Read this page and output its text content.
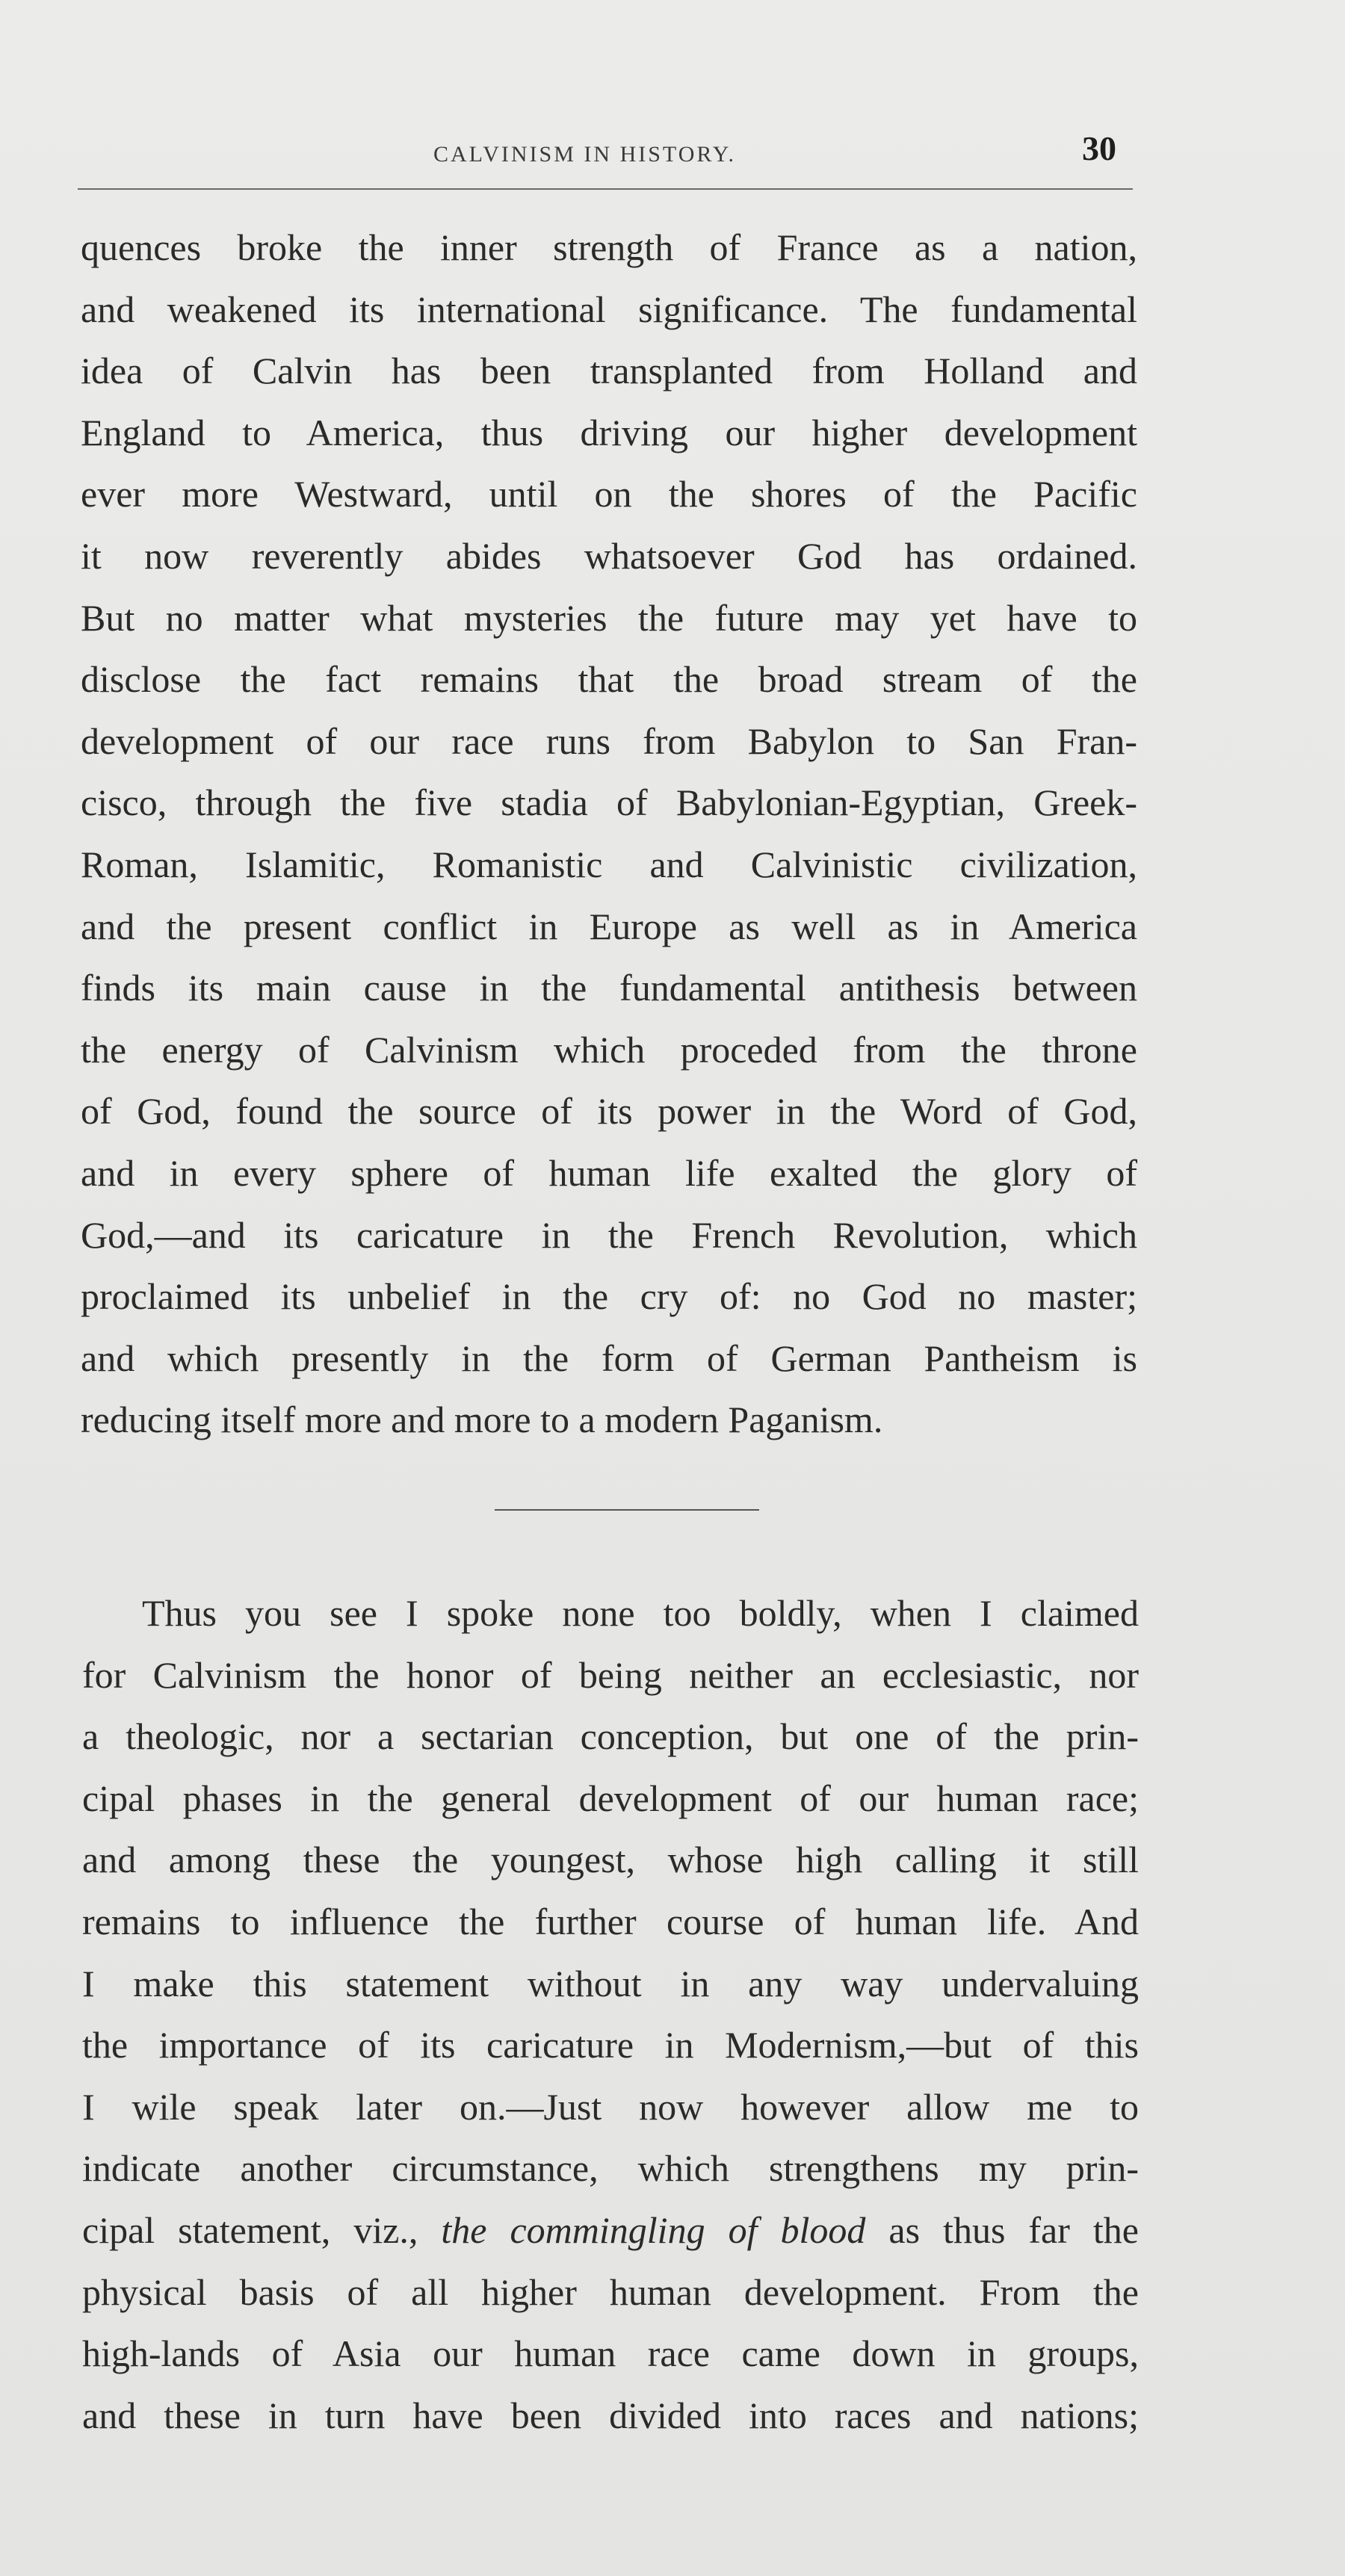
CALVINISM IN HISTORY.	30
quences broke the inner strength of France as a nation,
and weakened its international significance. The fundamental
idea of Calvin has been transplanted from Holland and
England to America, thus driving our higher development
ever more Westward, until on the shores of the Pacific
it now reverently abides whatsoever God has ordained.
But no matter what mysteries the future may yet have to
disclose the fact remains that the broad stream of the
development of our race runs from Babylon to San Fran-
cisco, through the five stadia of Babylonian-Egyptian, Greek-
Roman, Islamitic, Romanistic and Calvinistic civilization,
and the present conflict in Europe as well as in America
finds its main cause in the fundamental antithesis between
the energy of Calvinism which proceded from the throne
of God, found the source of its power in the Word of God,
and in every sphere of human life exalted the glory of
God,—and its caricature in the French Revolution, which
proclaimed its unbelief in the cry of: no God no master;
and which presently in the form of German Pantheism is
reducing itself more and more to a modern Paganism.
Thus you see I spoke none too boldly, when I claimed
for Calvinism the honor of being neither an ecclesiastic, nor
a theologic, nor a sectarian conception, but one of the prin-
cipal phases in the general development of our human race;
and among these the youngest, whose high calling it still
remains to influence the further course of human life. And
I make this statement without in any way undervaluing
the importance of its caricature in Modernism,—but of this
I wile speak later on.—Just now however allow me to
indicate another circumstance, which strengthens my prin-
cipal statement, viz., the commingling of blood as thus far the
physical basis of all higher human development. From the
high-lands of Asia our human race came down in groups,
and these in turn have been divided into races and nations;
